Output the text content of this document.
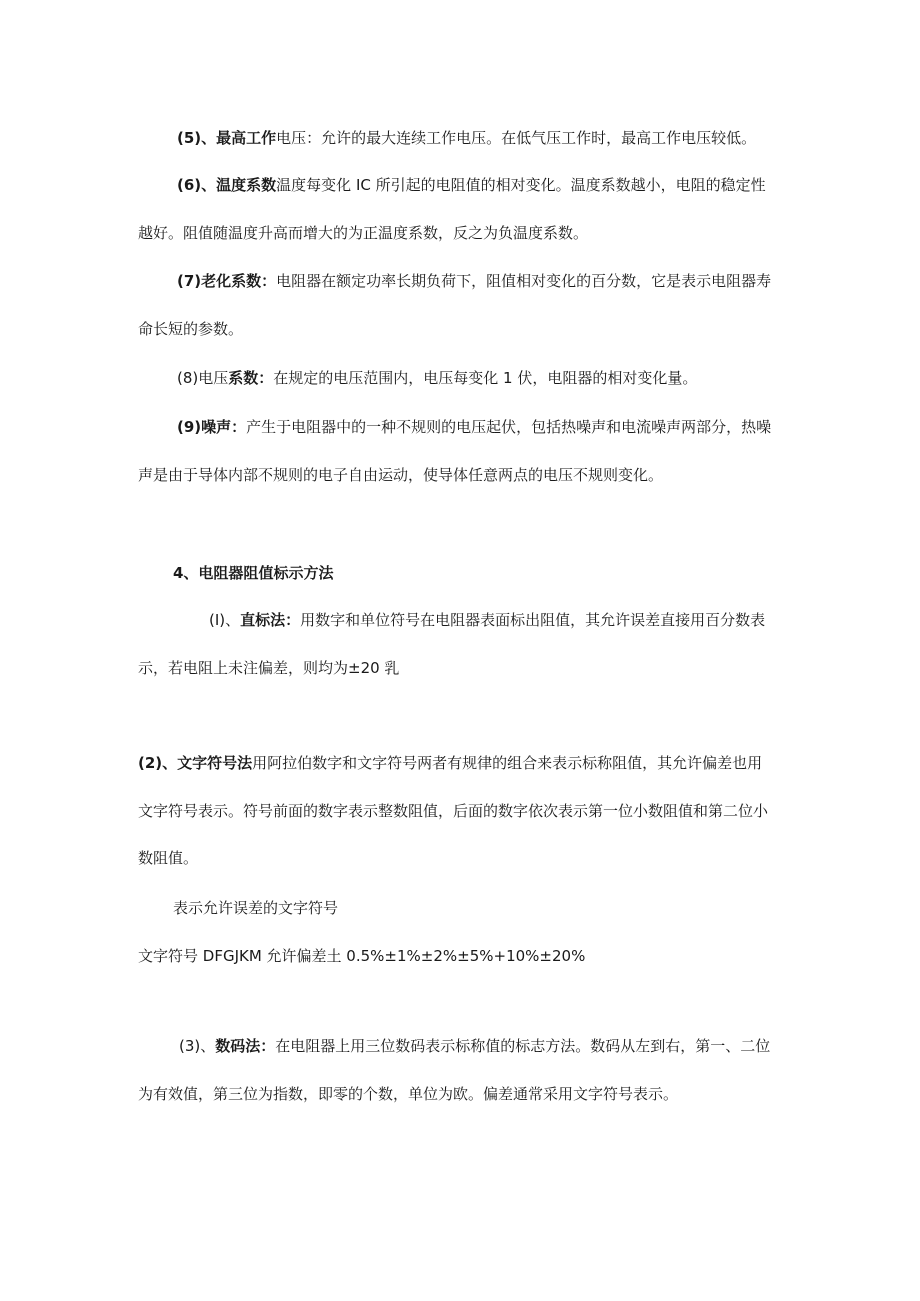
(5)、最高工作电压：允许的最大连续工作电压。在低气压工作时，最高工作电压较低。

(6)、温度系数温度每变化 IC 所引起的电阻值的相对变化。温度系数越小，电阻的稳定性

越好。阻值随温度升高而增大的为正温度系数，反之为负温度系数。

(7)老化系数：电阻器在额定功率长期负荷下，阻值相对变化的百分数，它是表示电阻器寿

命长短的参数。

(8)电压系数：在规定的电压范围内，电压每变化 1 伏，电阻器的相对变化量。

(9)噪声：产生于电阻器中的一种不规则的电压起伏，包括热噪声和电流噪声两部分，热噪

声是由于导体内部不规则的电子自由运动，使导体任意两点的电压不规则变化。

4、电阻器阻值标示方法

(I)、直标法：用数字和单位符号在电阻器表面标出阻值，其允许误差直接用百分数表

示，若电阻上未注偏差，则均为±20 乳

(2)、文字符号法用阿拉伯数字和文字符号两者有规律的组合来表示标称阻值，其允许偏差也用

文字符号表示。符号前面的数字表示整数阻值，后面的数字依次表示第一位小数阻值和第二位小

数阻值。

表示允许误差的文字符号

文字符号 DFGJKM 允许偏差土 0.5%±1%±2%±5%+10%±20%

(3)、数码法：在电阻器上用三位数码表示标称值的标志方法。数码从左到右，第一、二位

为有效值，第三位为指数，即零的个数，单位为欧。偏差通常采用文字符号表示。
